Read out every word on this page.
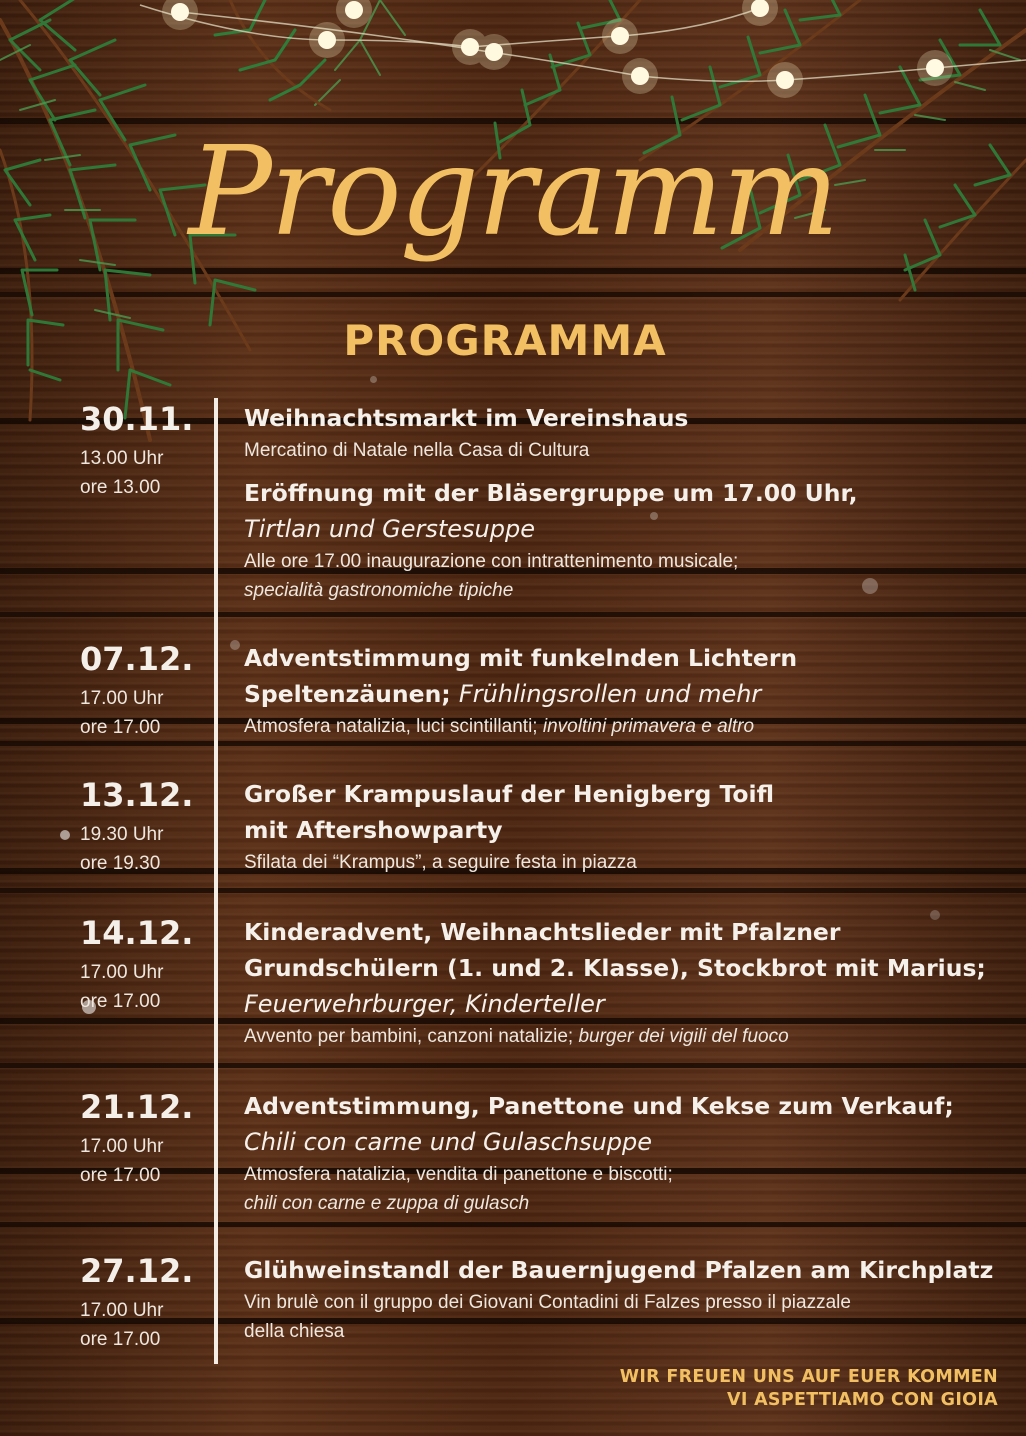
Programm
PROGRAMMA
30.11.
13.00 Uhr
ore 13.00
Weihnachtsmarkt im Vereinshaus
Mercatino di Natale nella Casa di Cultura
Eröffnung mit der Bläsergruppe um 17.00 Uhr,
Tirtlan und Gerstesuppe
Alle ore 17.00 inaugurazione con intrattenimento musicale;
specialità gastronomiche tipiche
07.12.
17.00 Uhr
ore 17.00
Adventstimmung mit funkelnden Lichtern
Speltenzäunen; Frühlingsrollen und mehr
Atmosfera natalizia, luci scintillanti; involtini primavera e altro
13.12.
19.30 Uhr
ore 19.30
Großer Krampuslauf der Henigberg Toifl
mit Aftershowparty
Sfilata dei “Krampus”, a seguire festa in piazza
14.12.
17.00 Uhr
ore 17.00
Kinderadvent, Weihnachtslieder mit Pfalzner
Grundschülern (1. und 2. Klasse), Stockbrot mit Marius;
Feuerwehrburger, Kinderteller
Avvento per bambini, canzoni natalizie; burger dei vigili del fuoco
21.12.
17.00 Uhr
ore 17.00
Adventstimmung, Panettone und Kekse zum Verkauf;
Chili con carne und Gulaschsuppe
Atmosfera natalizia, vendita di panettone e biscotti;
chili con carne e zuppa di gulasch
27.12.
17.00 Uhr
ore 17.00
Glühweinstandl der Bauernjugend Pfalzen am Kirchplatz
Vin brulè con il gruppo dei Giovani Contadini di Falzes presso il piazzale
della chiesa
WIR FREUEN UNS AUF EUER KOMMEN
VI ASPETTIAMO CON GIOIA
